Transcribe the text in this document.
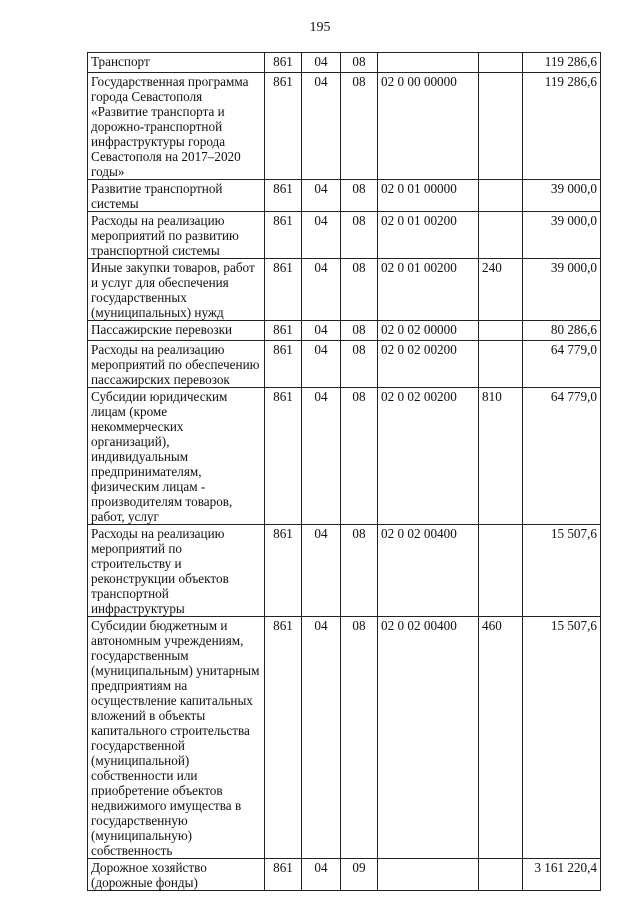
195
Транспорт	861	04	08			119 286,6
Государственная программа города Севастополя «Развитие транспорта и дорожно-транспортной инфраструктуры города Севастополя на 2017–2020 годы»	861	04	08	02 0 00 00000		119 286,6
Развитие транспортной системы	861	04	08	02 0 01 00000		39 000,0
Расходы на реализацию мероприятий по развитию транспортной системы	861	04	08	02 0 01 00200		39 000,0
Иные закупки товаров, работ и услуг для обеспечения государственных (муниципальных) нужд	861	04	08	02 0 01 00200	240	39 000,0
Пассажирские перевозки	861	04	08	02 0 02 00000		80 286,6
Расходы на реализацию мероприятий по обеспечению пассажирских перевозок	861	04	08	02 0 02 00200		64 779,0
Субсидии юридическим лицам (кроме некоммерческих организаций), индивидуальным предпринимателям, физическим лицам - производителям товаров, работ, услуг	861	04	08	02 0 02 00200	810	64 779,0
Расходы на реализацию мероприятий по строительству и реконструкции объектов транспортной инфраструктуры	861	04	08	02 0 02 00400		15 507,6
Субсидии бюджетным и автономным учреждениям, государственным (муниципальным) унитарным предприятиям на осуществление капитальных вложений в объекты капитального строительства государственной (муниципальной) собственности или приобретение объектов недвижимого имущества в государственную (муниципальную) собственность	861	04	08	02 0 02 00400	460	15 507,6
Дорожное хозяйство (дорожные фонды)	861	04	09			3 161 220,4
